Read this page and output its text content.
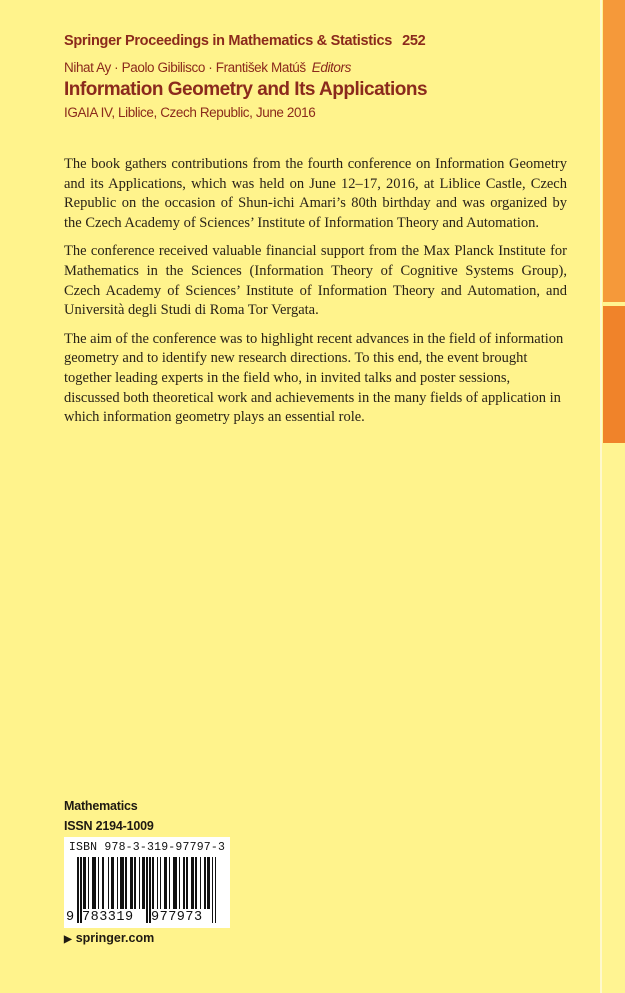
Springer Proceedings in Mathematics & Statistics 252
Nihat Ay · Paolo Gibilisco · František Matúš Editors
Information Geometry and Its Applications
IGAIA IV, Liblice, Czech Republic, June 2016

The book gathers contributions from the fourth conference on Information Geometry and its Applications, which was held on June 12–17, 2016, at Liblice Castle, Czech Republic on the occasion of Shun-ichi Amari’s 80th birthday and was organized by the Czech Academy of Sciences’ Institute of Information Theory and Automation.

The conference received valuable financial support from the Max Planck Institute for Mathematics in the Sciences (Information Theory of Cognitive Systems Group), Czech Academy of Sciences’ Institute of Information Theory and Automation, and Università degli Studi di Roma Tor Vergata.

The aim of the conference was to highlight recent advances in the field of information geometry and to identify new research directions. To this end, the event brought together leading experts in the field who, in invited talks and poster sessions, discussed both theoretical work and achievements in the many fields of application in which information geometry plays an essential role.

Mathematics
ISSN 2194-1009
ISBN 978-3-319-97797-3
9 783319 977973
▶ springer.com
